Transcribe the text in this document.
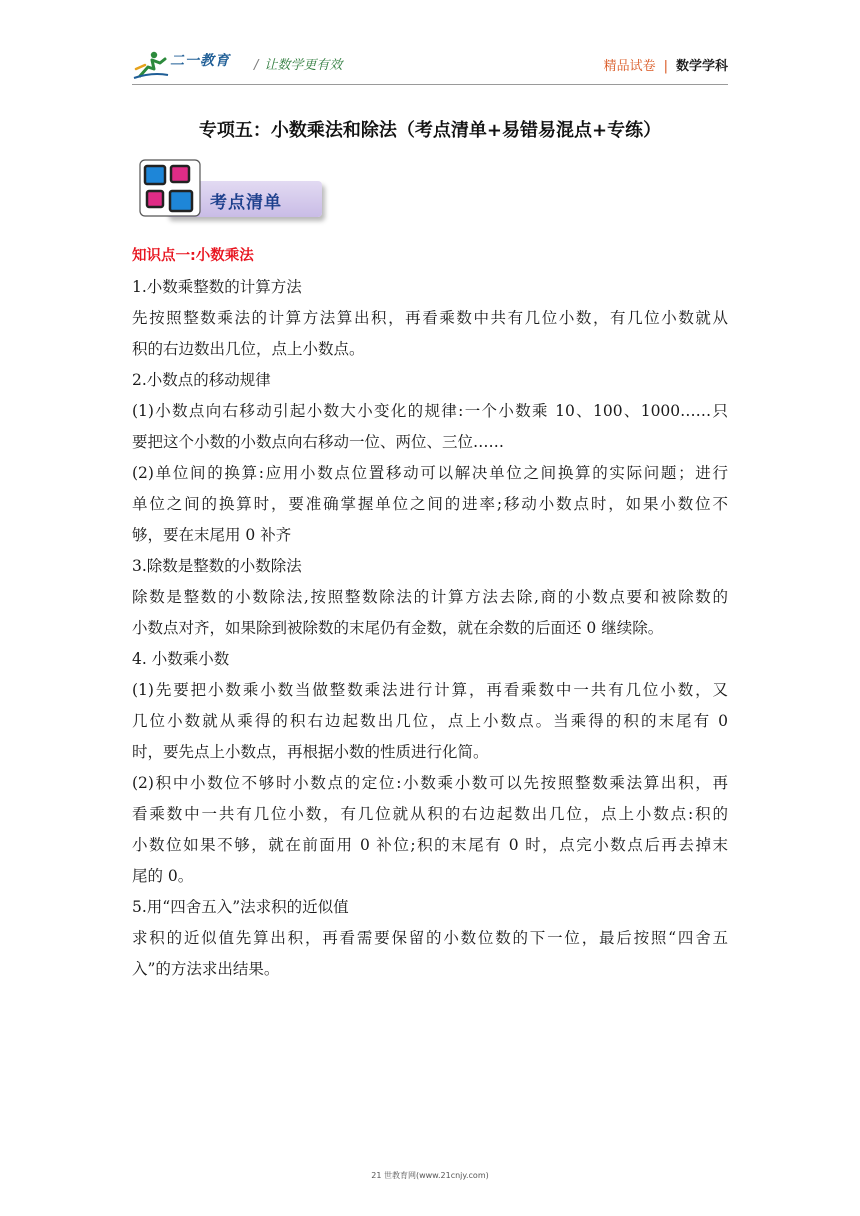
二一教育 / 让数学更有效	精品试卷 | 数学学科
专项五：小数乘法和除法（考点清单+易错易混点+专练）
考点清单
知识点一:小数乘法
1.小数乘整数的计算方法
先按照整数乘法的计算方法算出积，再看乘数中共有几位小数，有几位小数就从
积的右边数出几位，点上小数点。
2.小数点的移动规律
(1)小数点向右移动引起小数大小变化的规律:一个小数乘 10、100、1000……只
要把这个小数的小数点向右移动一位、两位、三位……
(2)单位间的换算:应用小数点位置移动可以解决单位之间换算的实际问题；进行
单位之间的换算时，要准确掌握单位之间的进率;移动小数点时，如果小数位不
够，要在末尾用 0 补齐
3.除数是整数的小数除法
除数是整数的小数除法,按照整数除法的计算方法去除,商的小数点要和被除数的
小数点对齐，如果除到被除数的末尾仍有金数，就在余数的后面还 0 继续除。
4. 小数乘小数
(1)先要把小数乘小数当做整数乘法进行计算，再看乘数中一共有几位小数，又
几位小数就从乘得的积右边起数出几位，点上小数点。当乘得的积的末尾有 0
时，要先点上小数点，再根据小数的性质进行化简。
(2)积中小数位不够时小数点的定位:小数乘小数可以先按照整数乘法算出积，再
看乘数中一共有几位小数，有几位就从积的右边起数出几位，点上小数点:积的
小数位如果不够，就在前面用 0 补位;积的末尾有 0 时，点完小数点后再去掉末
尾的 0。
5.用“四舍五入”法求积的近似值
求积的近似值先算出积，再看需要保留的小数位数的下一位，最后按照“四舍五
入”的方法求出结果。
21 世教育网(www.21cnjy.com)
